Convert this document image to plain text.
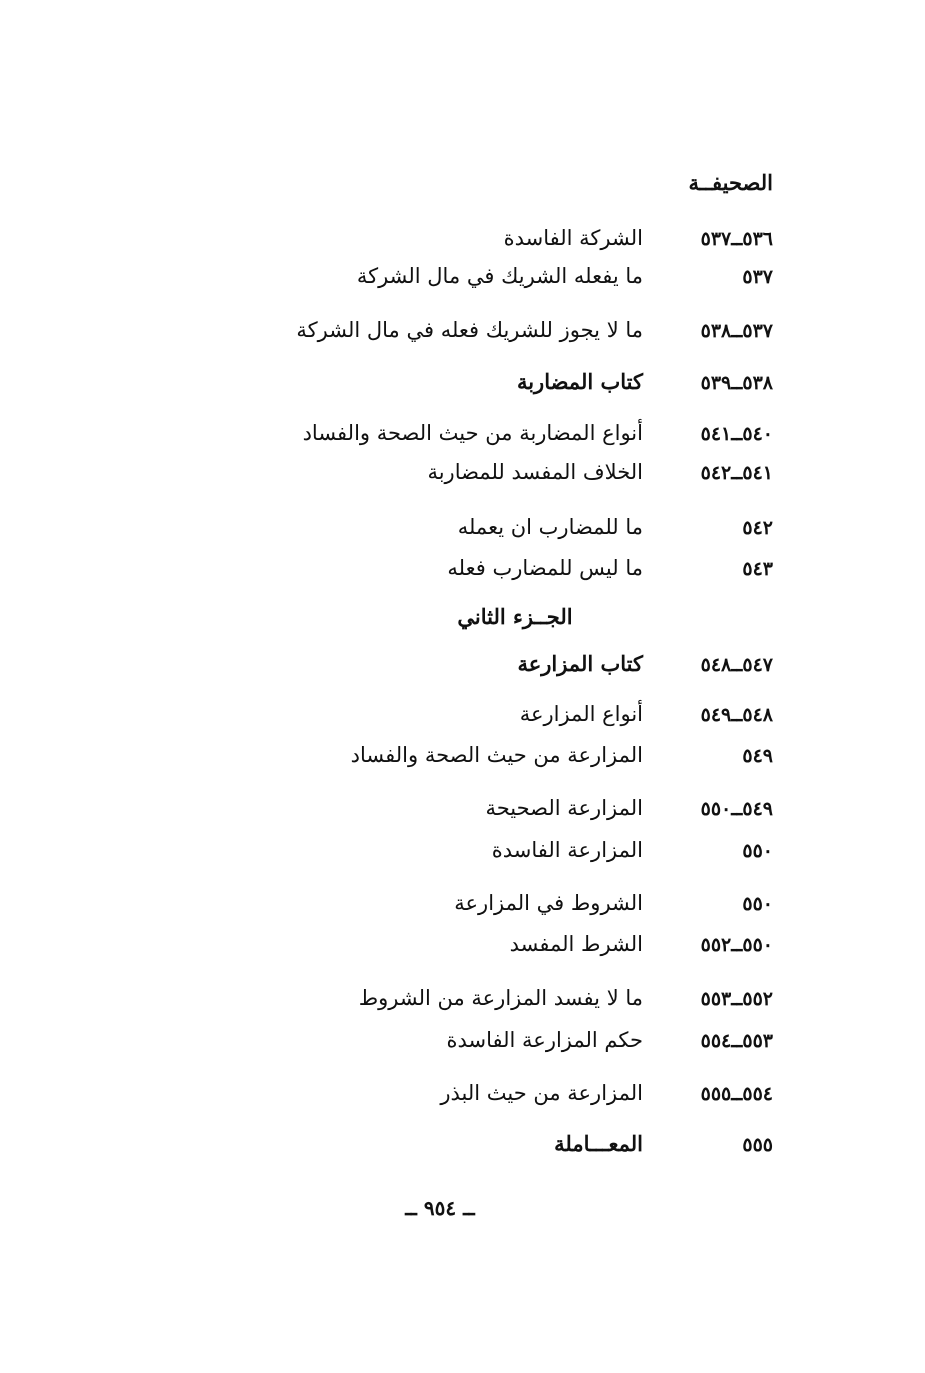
الصحيفــة
٥٣٦ــ٥٣٧
الشركة الفاسدة
٥٣٧
ما يفعله الشريك في مال الشركة
٥٣٧ــ٥٣٨
ما لا يجوز للشريك فعله في مال الشركة
٥٣٨ــ٥٣٩
كتاب المضاربة
٥٤٠ــ٥٤١
أنواع المضاربة من حيث الصحة والفساد
٥٤١ــ٥٤٢
الخلاف المفسد للمضاربة
٥٤٢
ما للمضارب ان يعمله
٥٤٣
ما ليس للمضارب فعله
الجــزء الثاني
٥٤٧ــ٥٤٨
كتاب المزارعة
٥٤٨ــ٥٤٩
أنواع المزارعة
٥٤٩
المزارعة من حيث الصحة والفساد
٥٤٩ــ٥٥٠
المزارعة الصحيحة
٥٥٠
المزارعة الفاسدة
٥٥٠
الشروط في المزارعة
٥٥٠ــ٥٥٢
الشرط المفسد
٥٥٢ــ٥٥٣
ما لا يفسد المزارعة من الشروط
٥٥٣ــ٥٥٤
حكم المزارعة الفاسدة
٥٥٤ــ٥٥٥
المزارعة من حيث البذر
٥٥٥
المعـــاملة
ــ ٩٥٤ ــ
